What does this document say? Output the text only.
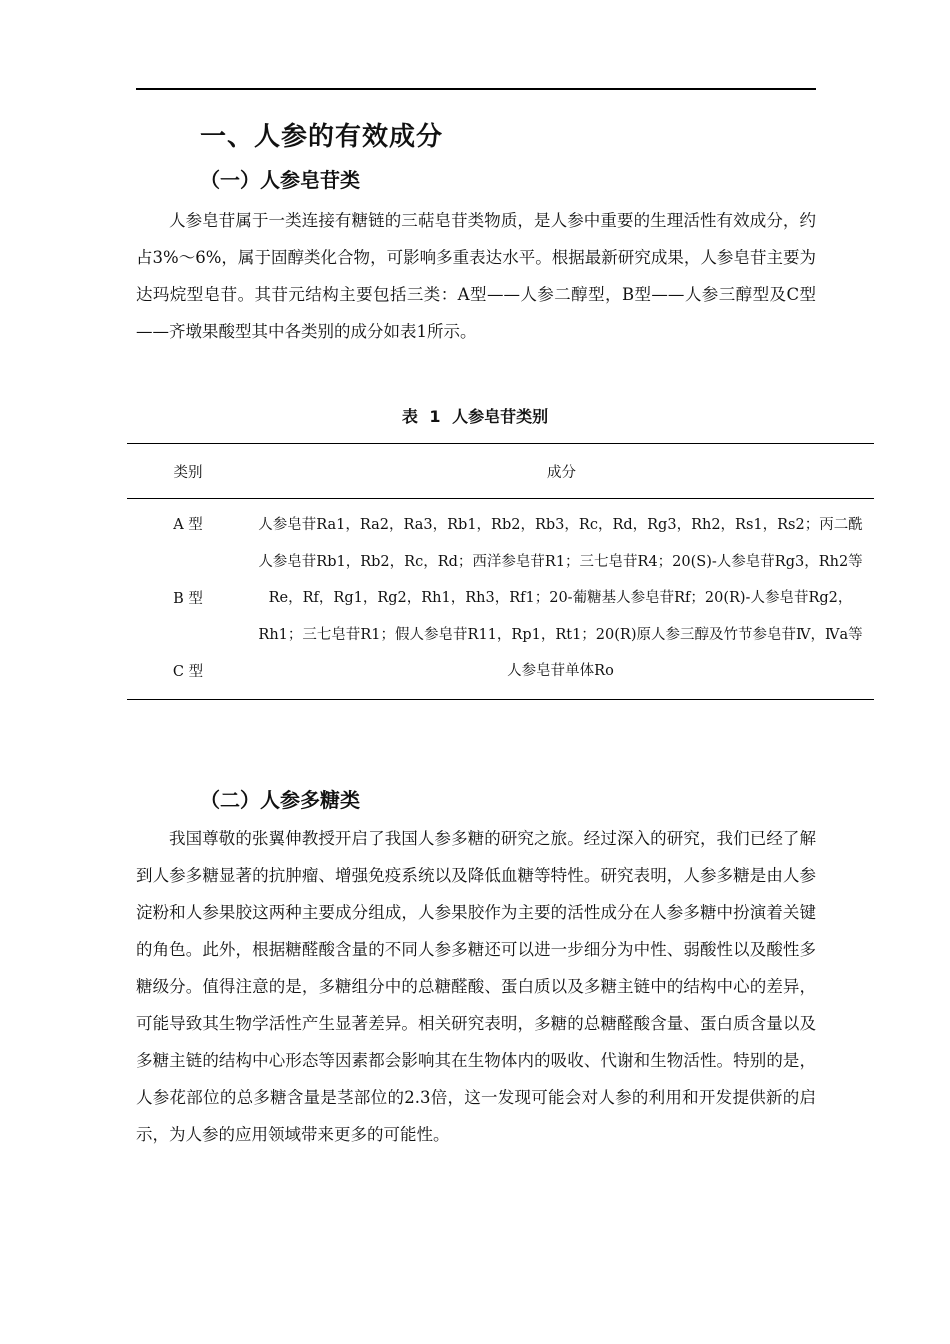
一、人参的有效成分
（一）人参皂苷类

人参皂苷属于一类连接有糖链的三萜皂苷类物质，是人参中重要的生理活性有效成分，约占3%～6%，属于固醇类化合物，可影响多重表达水平。根据最新研究成果，人参皂苷主要为达玛烷型皂苷。其苷元结构主要包括三类：A型——人参二醇型，B型——人参三醇型及C型——齐墩果酸型其中各类别的成分如表1所示。

表 1 人参皂苷类别
类别	成分
A 型	人参皂苷Ra1，Ra2，Ra3，Rb1，Rb2，Rb3，Rc，Rd，Rg3，Rh2，Rs1，Rs2；丙二酰人参皂苷Rb1，Rb2，Rc，Rd；西洋参皂苷R1；三七皂苷R4；20(S)-人参皂苷Rg3，Rh2等
B 型	Re，Rf，Rg1，Rg2，Rh1，Rh3，Rf1；20-葡糖基人参皂苷Rf；20(R)-人参皂苷Rg2，Rh1；三七皂苷R1；假人参皂苷R11，Rp1，Rt1；20(R)原人参三醇及竹节参皂苷Ⅳ，Ⅳa等
C 型	人参皂苷单体Ro
（二）人参多糖类

我国尊敬的张翼伸教授开启了我国人参多糖的研究之旅。经过深入的研究，我们已经了解到人参多糖显著的抗肿瘤、增强免疫系统以及降低血糖等特性。研究表明，人参多糖是由人参淀粉和人参果胶这两种主要成分组成，人参果胶作为主要的活性成分在人参多糖中扮演着关键的角色。此外，根据糖醛酸含量的不同人参多糖还可以进一步细分为中性、弱酸性以及酸性多糖级分。值得注意的是，多糖组分中的总糖醛酸、蛋白质以及多糖主链中的结构中心的差异，可能导致其生物学活性产生显著差异。相关研究表明，多糖的总糖醛酸含量、蛋白质含量以及多糖主链的结构中心形态等因素都会影响其在生物体内的吸收、代谢和生物活性。特别的是，人参花部位的总多糖含量是茎部位的2.3倍，这一发现可能会对人参的利用和开发提供新的启示，为人参的应用领域带来更多的可能性。
